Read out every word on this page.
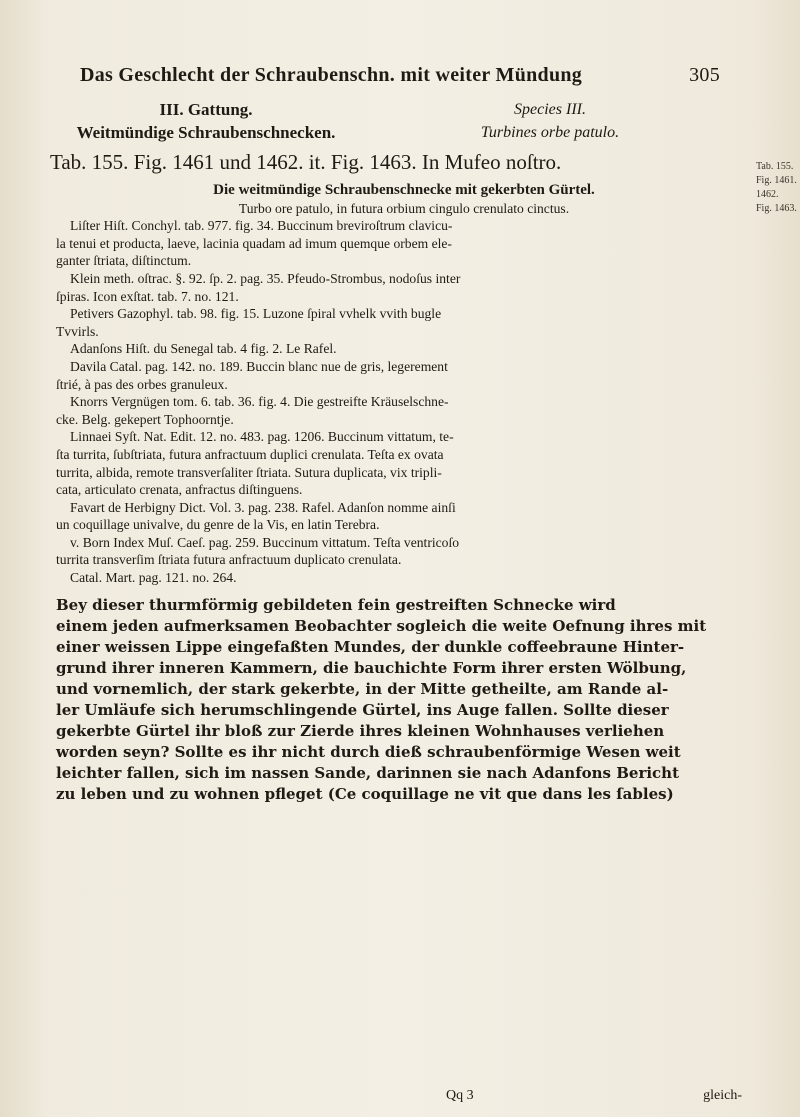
Das Geschlecht der Schraubenschn. mit weiter Mündung	305
III. Gattung.
Weitmündige Schraubenschnecken.
Species III.
Turbines orbe patulo.
Tab. 155. Fig. 1461 und 1462. it. Fig. 1463. In Mufeo noſtro.	Tab. 155.
Fig. 1461.
1462.
Fig. 1463.

Die weitmündige Schraubenschnecke mit gekerbten Gürtel.

Turbo ore patulo, in futura orbium cingulo crenulato cinctus.

Liſter Hiſt. Conchyl. tab. 977. fig. 34. Buccinum breviroſtrum clavicu-

la tenui et producta, laeve, lacinia quadam ad imum quemque orbem ele-

ganter ſtriata, diſtinctum.

Klein meth. oſtrac. §. 92. ſp. 2. pag. 35. Pfeudo-Strombus, nodoſus inter

ſpiras. Icon exſtat. tab. 7. no. 121.

Petivers Gazophyl. tab. 98. fig. 15. Luzone ſpiral vvhelk vvith bugle

Tvvirls.

Adanſons Hiſt. du Senegal tab. 4 fig. 2. Le Rafel.

Davila Catal. pag. 142. no. 189. Buccin blanc nue de gris, legerement

ſtrié, à pas des orbes granuleux.

Knorrs Vergnügen tom. 6. tab. 36. fig. 4. Die gestreifte Kräuselschne-

cke. Belg. gekepert Tophoorntje.

Linnaei Syſt. Nat. Edit. 12. no. 483. pag. 1206. Buccinum vittatum, te-

ſta turrita, ſubſtriata, futura anfractuum duplici crenulata. Teſta ex ovata

turrita, albida, remote transverſaliter ſtriata. Sutura duplicata, vix tripli-

cata, articulato crenata, anfractus diſtinguens.

Favart de Herbigny Dict. Vol. 3. pag. 238. Rafel. Adanſon nomme ainſi

un coquillage univalve, du genre de la Vis, en latin Terebra.

v. Born Index Muſ. Caeſ. pag. 259. Buccinum vittatum. Teſta ventricoſo

turrita transverſim ſtriata futura anfractuum duplicato crenulata.

Catal. Mart. pag. 121. no. 264.

Bey dieser thurmförmig gebildeten fein gestreiften Schnecke wird

einem jeden aufmerksamen Beobachter sogleich die weite Oefnung ihres mit

einer weissen Lippe eingefaßten Mundes, der dunkle coffeebraune Hinter-

grund ihrer inneren Kammern, die bauchichte Form ihrer ersten Wölbung,

und vornemlich, der stark gekerbte, in der Mitte getheilte, am Rande al-

ler Umläufe sich herumschlingende Gürtel, ins Auge fallen. Sollte dieser

gekerbte Gürtel ihr bloß zur Zierde ihres kleinen Wohnhauses verliehen

worden seyn? Sollte es ihr nicht durch dieß schraubenförmige Wesen weit

leichter fallen, sich im nassen Sande, darinnen sie nach Adanfons Bericht

zu leben und zu wohnen pfleget (Ce coquillage ne vit que dans les ſables)

Qq 3	gleich-
